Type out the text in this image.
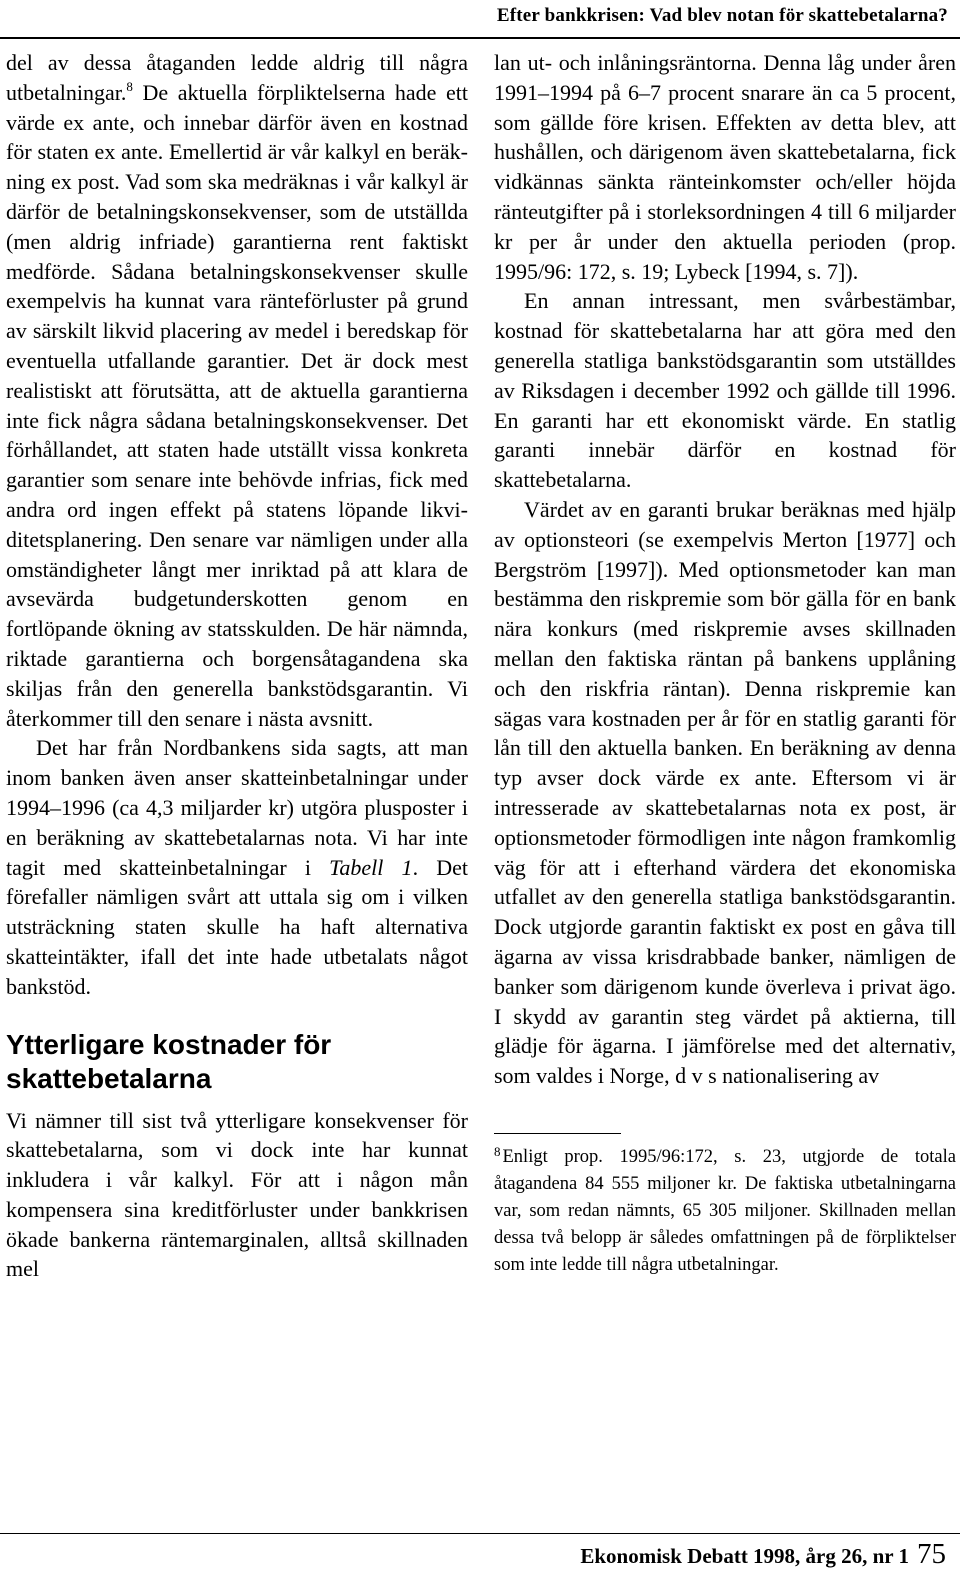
Efter bankkrisen: Vad blev notan för skattebetalarna?

del av dessa åtaganden ledde aldrig till några utbetalningar.$^8$ De aktuella förpliktelserna hade ett värde ex ante, och innebar därför även en kostnad för staten ex ante. Emellertid är vår kalkyl en beräkning ex post. Vad som ska medräknas i vår kalkyl är därför de betalningskonsekvenser, som de utställda (men aldrig infriade) garantierna rent faktiskt medförde. Sådana betalningskonsekvenser skulle exempelvis ha kunnat vara ränteförluster på grund av särskilt likvid placering av medel i beredskap för eventuella utfallande garantier. Det är dock mest realistiskt att förutsätta, att de aktuella garantierna inte fick några sådana betalningskonsekvenser. Det förhållandet, att staten hade utställt vissa konkreta garantier som senare inte behövde infrias, fick med andra ord ingen effekt på statens löpande likviditetsplanering. Den senare var nämligen under alla omständigheter långt mer inriktad på att klara de avsevärda budgetunderskotten genom en fortlöpande ökning av statsskulden. De här nämnda, riktade garantierna och borgensåtagandena ska skiljas från den generella bankstödsgarantin. Vi återkommer till den senare i nästa avsnitt.

Det har från Nordbankens sida sagts, att man inom banken även anser skatteinbetalningar under 1994–1996 (ca 4,3 miljarder kr) utgöra plusposter i en beräkning av skattebetalarnas nota. Vi har inte tagit med skatteinbetalningar i Tabell 1. Det förefaller nämligen svårt att uttala sig om i vilken utsträckning staten skulle ha haft alternativa skatteintäkter, ifall det inte hade utbetalats något bankstöd.

Ytterligare kostnader för skattebetalarna

Vi nämner till sist två ytterligare konsekvenser för skattebetalarna, som vi dock inte har kunnat inkludera i vår kalkyl. För att i någon mån kompensera sina kreditförluster under bankkrisen ökade bankerna räntemarginalen, alltså skillnaden mel

lan ut- och inlåningsräntorna. Denna låg under åren 1991–1994 på 6–7 procent snarare än ca 5 procent, som gällde före krisen. Effekten av detta blev, att hushållen, och därigenom även skattebetalarna, fick vidkännas sänkta ränteinkomster och/eller höjda ränteutgifter på i storleksordningen 4 till 6 miljarder kr per år under den aktuella perioden (prop. 1995/96: 172, s. 19; Lybeck [1994, s. 7]).

En annan intressant, men svårbestämbar, kostnad för skattebetalarna har att göra med den generella statliga bankstödsgarantin som utställdes av Riksdagen i december 1992 och gällde till 1996. En garanti har ett ekonomiskt värde. En statlig garanti innebär därför en kostnad för skattebetalarna.

Värdet av en garanti brukar beräknas med hjälp av optionsteori (se exempelvis Merton [1977] och Bergström [1997]). Med optionsmetoder kan man bestämma den riskpremie som bör gälla för en bank nära konkurs (med riskpremie avses skillnaden mellan den faktiska räntan på bankens upplåning och den riskfria räntan). Denna riskpremie kan sägas vara kostnaden per år för en statlig garanti för lån till den aktuella banken. En beräkning av denna typ avser dock värde ex ante. Eftersom vi är intresserade av skattebetalarnas nota ex post, är optionsmetoder förmodligen inte någon framkomlig väg för att i efterhand värdera det ekonomiska utfallet av den generella statliga bankstödsgarantin. Dock utgjorde garantin faktiskt ex post en gåva till ägarna av vissa krisdrabbade banker, nämligen de banker som därigenom kunde överleva i privat ägo. I skydd av garantin steg värdet på aktierna, till glädje för ägarna. I jämförelse med det alternativ, som valdes i Norge, d v s nationalisering av

$^8$ Enligt prop. 1995/96:172, s. 23, utgjorde de totala åtagandena 84 555 miljoner kr. De faktiska utbetalningarna var, som redan nämnts, 65 305 miljoner. Skillnaden mellan dessa två belopp är således omfattningen på de förpliktelser som inte ledde till några utbetalningar.
Ekonomisk Debatt 1998, årg 26, nr 1 75
